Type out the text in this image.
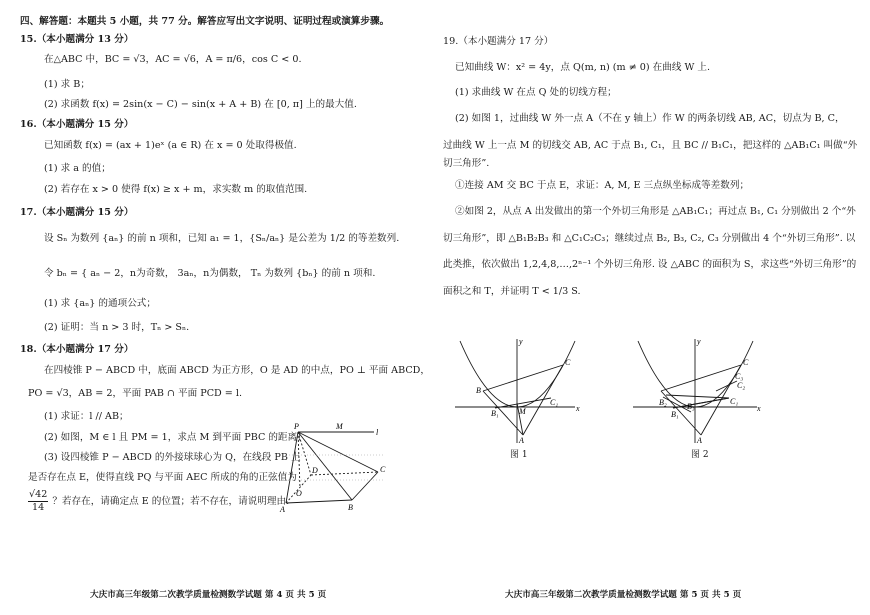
四、解答题：本题共 5 小题，共 77 分。解答应写出文字说明、证明过程或演算步骤。
15.（本小题满分 13 分）
在△ABC 中，BC = √3，AC = √6，A = π/6，cos C < 0.
(1) 求 B；
(2) 求函数 f(x) = 2sin(x − C) − sin(x + A + B) 在 [0, π] 上的最大值.
16.（本小题满分 15 分）
已知函数 f(x) = (ax + 1)eˣ (a ∈ R) 在 x = 0 处取得极值.
(1) 求 a 的值；
(2) 若存在 x > 0 使得 f(x) ≥ x + m，求实数 m 的取值范围.
17.（本小题满分 15 分）
设 Sₙ 为数列 {aₙ} 的前 n 项和，已知 a₁ = 1，{Sₙ/aₙ} 是公差为 1/2 的等差数列.
令 bₙ = { aₙ − 2，n为奇数， 3aₙ，n为偶数， Tₙ 为数列 {bₙ} 的前 n 项和.
(1) 求 {aₙ} 的通项公式；
(2) 证明：当 n > 3 时，Tₙ > Sₙ.
18.（本小题满分 17 分）
在四棱锥 P − ABCD 中，底面 ABCD 为正方形，O 是 AD 的中点，PO ⊥ 平面 ABCD，
PO = √3，AB = 2，平面 PAB ∩ 平面 PCD = l.
(1) 求证：l // AB；
(2) 如图，M ∈ l 且 PM = 1，求点 M 到平面 PBC 的距离；
(3) 设四棱锥 P − ABCD 的外接球球心为 Q，在线段 PB 上
是否存在点 E，使得直线 PQ 与平面 AEC 所成的角的正弦值为
$\frac{√42}{14}$ ？若存在，请确定点 E 的位置；若不存在，请说明理由.
P	M
l
D
O
A	B
C
大庆市高三年级第二次教学质量检测数学试题 第 4 页 共 5 页
19.（本小题满分 17 分）
已知曲线 W：x² = 4y，点 Q(m, n) (m ≠ 0) 在曲线 W 上.
(1) 求曲线 W 在点 Q 处的切线方程；
(2) 如图 1，过曲线 W 外一点 A（不在 y 轴上）作 W 的两条切线 AB, AC，切点为 B, C，
过曲线 W 上一点 M 的切线交 AB, AC 于点 B₁, C₁，且 BC // B₁C₁，把这样的 △AB₁C₁ 叫做“外
切三角形”.
①连接 AM 交 BC 于点 E，求证：A, M, E 三点纵坐标成等差数列；
②如图 2，从点 A 出发做出的第一个外切三角形是 △AB₁C₁；再过点 B₁, C₁ 分别做出 2 个“外
切三角形”，即 △B₁B₂B₃ 和 △C₁C₂C₃；继续过点 B₂, B₃, C₂, C₃ 分别做出 4 个“外切三角形”. 以
此类推，依次做出 1,2,4,8,…,2ⁿ⁻¹ 个外切三角形. 设 △ABC 的面积为 S，求这些“外切三角形”的
面积之和 T，并证明 T < 1/3 S.
y
x
B
C
B₁
C₁
M
A
图 1
y
x
C
C₃
C₂
C₁
B₂
B₁
B₃
A
图 2
大庆市高三年级第二次教学质量检测数学试题 第 5 页 共 5 页
